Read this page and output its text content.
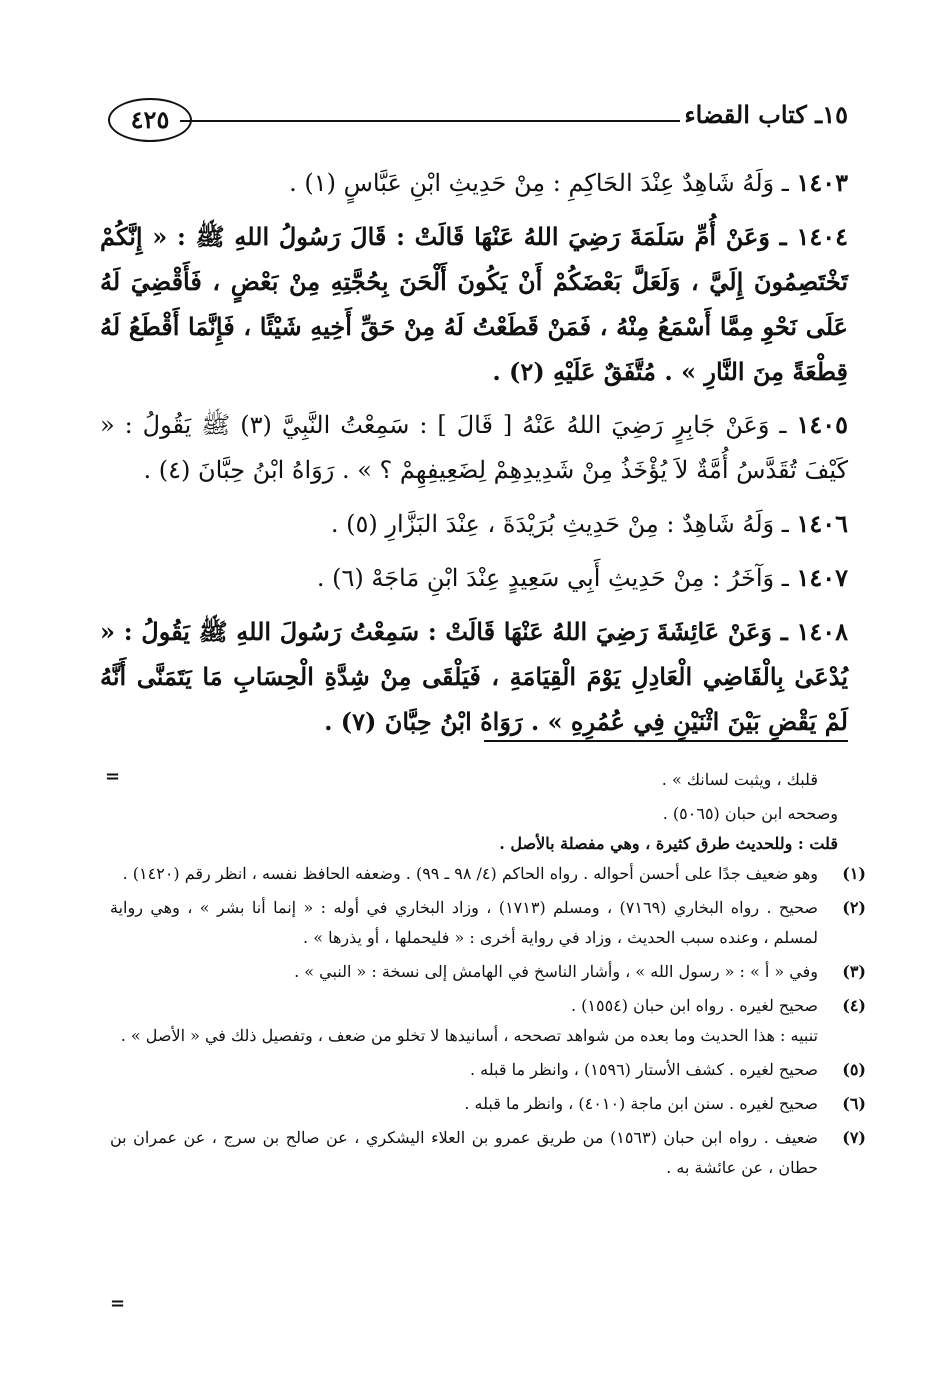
١٥ـ كتاب القضاء
٤٢٥

١٤٠٣ ـ وَلَهُ شَاهِدٌ عِنْدَ الحَاكِمِ : مِنْ حَدِيثِ ابْنِ عَبَّاسٍ (١) .

١٤٠٤ ـ وَعَنْ أُمِّ سَلَمَةَ رَضِيَ اللهُ عَنْهَا قَالَتْ : قَالَ رَسُولُ اللهِ ﷺ : « إِنَّكُمْ تَخْتَصِمُونَ إِلَيَّ ، وَلَعَلَّ بَعْضَكُمْ أَنْ يَكُونَ أَلْحَنَ بِحُجَّتِهِ مِنْ بَعْضٍ ، فَأَقْضِيَ لَهُ عَلَى نَحْوِ مِمَّا أَسْمَعُ مِنْهُ ، فَمَنْ قَطَعْتُ لَهُ مِنْ حَقِّ أَخِيهِ شَيْئًا ، فَإِنَّمَا أَقْطَعُ لَهُ قِطْعَةً مِنَ النَّارِ » . مُتَّفَقٌ عَلَيْهِ (٢) .

١٤٠٥ ـ وَعَنْ جَابِرٍ رَضِيَ اللهُ عَنْهُ [ قَالَ ] : سَمِعْتُ النَّبِيَّ (٣) ﷺ يَقُولُ : « كَيْفَ تُقَدَّسُ أُمَّةٌ لاَ يُؤْخَذُ مِنْ شَدِيدِهِمْ لِضَعِيفِهِمْ ؟ » . رَوَاهُ ابْنُ حِبَّانَ (٤) .

١٤٠٦ ـ وَلَهُ شَاهِدٌ : مِنْ حَدِيثِ بُرَيْدَةَ ، عِنْدَ البَزَّارِ (٥) .

١٤٠٧ ـ وَآخَرُ : مِنْ حَدِيثِ أَبِي سَعِيدٍ عِنْدَ ابْنِ مَاجَهْ (٦) .

١٤٠٨ ـ وَعَنْ عَائِشَةَ رَضِيَ اللهُ عَنْهَا قَالَتْ : سَمِعْتُ رَسُولَ اللهِ ﷺ يَقُولُ : « يُدْعَىٰ بِالْقَاضِي الْعَادِلِ يَوْمَ الْقِيَامَةِ ، فَيَلْقَى مِنْ شِدَّةِ الْحِسَابِ مَا يَتَمَنَّى أَنَّهُ لَمْ يَقْضِ بَيْنَ اثْنَيْنِ فِي عُمُرِهِ » . رَوَاهُ ابْنُ حِبَّانَ (٧) .

=	قلبك ، ويثبت لسانك » .

وصححه ابن حبان (٥٠٦٥) .

قلت : وللحديث طرق كثيرة ، وهي مفصلة بالأصل .

(١)

وهو ضعيف جدًا على أحسن أحواله . رواه الحاكم (٤/ ٩٨ ـ ٩٩) . وضعفه الحافظ نفسه ، انظر رقم (١٤٢٠) .

(٢)

صحيح . رواه البخاري (٧١٦٩) ، ومسلم (١٧١٣) ، وزاد البخاري في أوله : « إنما أنا بشر » ، وهي رواية لمسلم ، وعنده سبب الحديث ، وزاد في رواية أخرى : « فليحملها ، أو يذرها » .

(٣)

وفي « أ » : « رسول الله » ، وأشار الناسخ في الهامش إلى نسخة : « النبي » .

(٤)

صحيح لغيره . رواه ابن حبان (١٥٥٤) .

تنبيه : هذا الحديث وما بعده من شواهد تصححه ، أسانيدها لا تخلو من ضعف ، وتفصيل ذلك في « الأصل » .

(٥)

صحيح لغيره . كشف الأستار (١٥٩٦) ، وانظر ما قبله .

(٦)

صحيح لغيره . سنن ابن ماجة (٤٠١٠) ، وانظر ما قبله .

(٧)

ضعيف . رواه ابن حبان (١٥٦٣) من طريق عمرو بن العلاء اليشكري ، عن صالح بن سرج ، عن عمران بن حطان ، عن عائشة به .

=
